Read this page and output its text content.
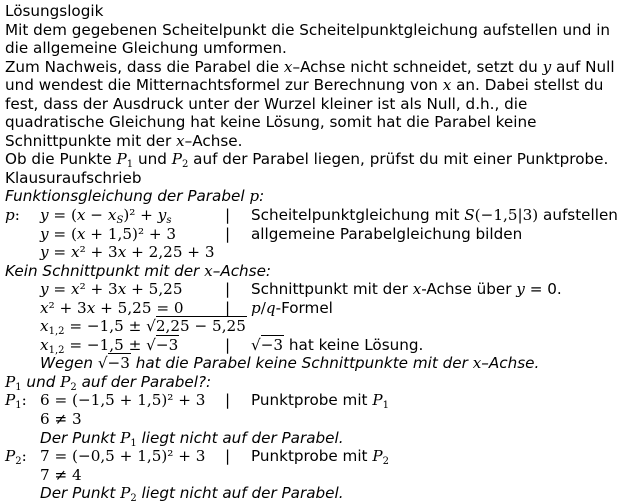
Lösungslogik
Mit dem gegebenen Scheitelpunkt die Scheitelpunktgleichung aufstellen und in
die allgemeine Gleichung umformen.
Zum Nachweis, dass die Parabel die x–Achse nicht schneidet, setzt du y auf Null
und wendest die Mitternachtsformel zur Berechnung von x an. Dabei stellst du
fest, dass der Ausdruck unter der Wurzel kleiner ist als Null, d.h., die
quadratische Gleichung hat keine Lösung, somit hat die Parabel keine
Schnittpunkte mit der x–Achse.
Ob die Punkte $P_1$ und $P_2$ auf der Parabel liegen, prüfst du mit einer Punktprobe.
Klausuraufschrieb
Funktionsgleichung der Parabel p:
p: $y = (x - x_S)^2 + y_s$	| Scheitelpunktgleichung mit S(−1,5|3) aufstellen
y = (x + 1,5)² + 3	| allgemeine Parabelgleichung bilden
y = x² + 3x + 2,25 + 3
Kein Schnittpunkt mit der x–Achse:
y = x² + 3x + 5,25	| Schnittpunkt mit der x-Achse über y = 0.
x² + 3x + 5,25 = 0	| p/q-Formel
$x_{1,2} = -1,5 \pm √2,25 - 5,25$
$x_{1,2} = -1,5 \pm √-3$	| √−3 hat keine Lösung.
Wegen √−3 hat die Parabel keine Schnittpunkte mit der x–Achse.
$P_1$ und $P_2$ auf der Parabel?:
$P_1$: 6 = (−1,5 + 1,5)² + 3 | Punktprobe mit $P_1$
6 ≠ 3
Der Punkt $P_1$ liegt nicht auf der Parabel.
$P_2$: 7 = (−0,5 + 1,5)² + 3 | Punktprobe mit $P_2$
7 ≠ 4
Der Punkt $P_2$ liegt nicht auf der Parabel.
